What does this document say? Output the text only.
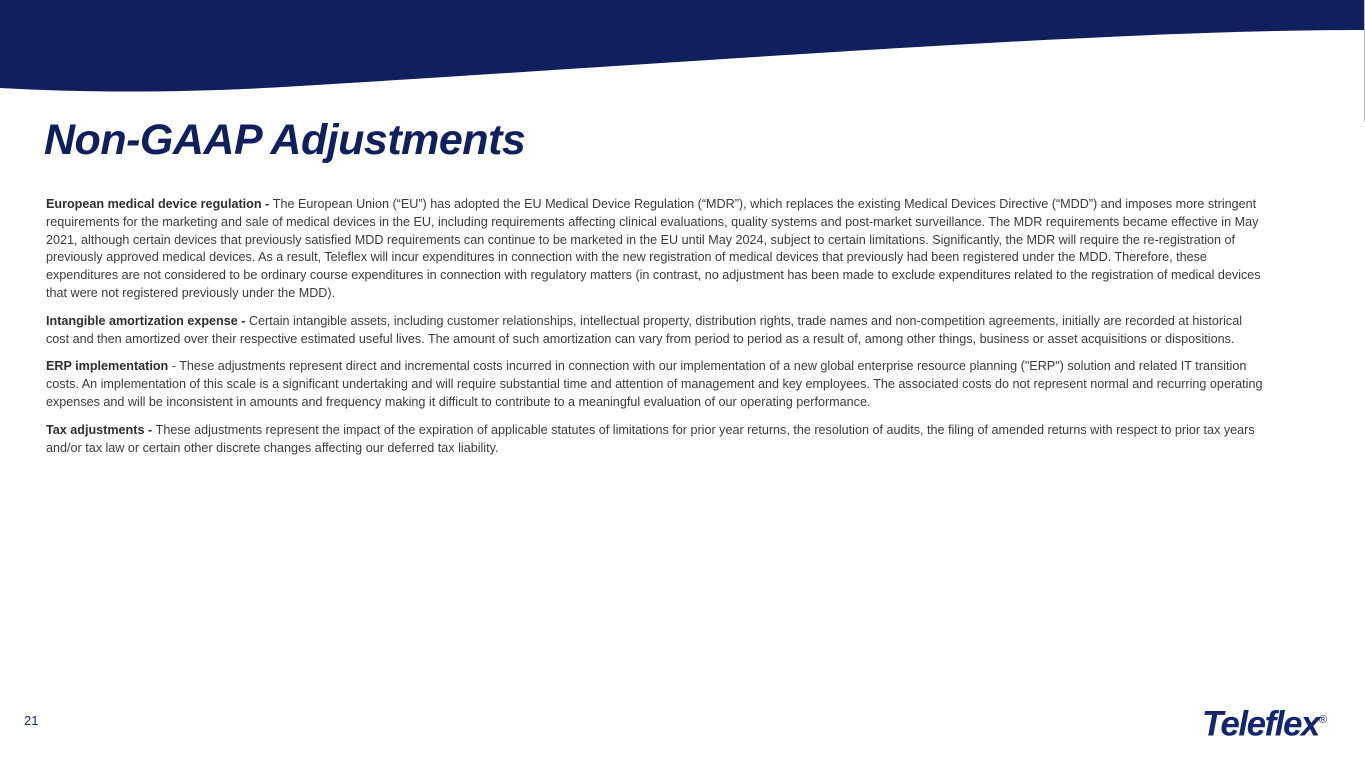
Non-GAAP Adjustments

European medical device regulation - The European Union (“EU”) has adopted the EU Medical Device Regulation (“MDR”), which replaces the existing Medical Devices Directive (“MDD”) and imposes more stringent requirements for the marketing and sale of medical devices in the EU, including requirements affecting clinical evaluations, quality systems and post-market surveillance. The MDR requirements became effective in May 2021, although certain devices that previously satisfied MDD requirements can continue to be marketed in the EU until May 2024, subject to certain limitations. Significantly, the MDR will require the re-registration of previously approved medical devices. As a result, Teleflex will incur expenditures in connection with the new registration of medical devices that previously had been registered under the MDD. Therefore, these expenditures are not considered to be ordinary course expenditures in connection with regulatory matters (in contrast, no adjustment has been made to exclude expenditures related to the registration of medical devices that were not registered previously under the MDD).

Intangible amortization expense - Certain intangible assets, including customer relationships, intellectual property, distribution rights, trade names and non-competition agreements, initially are recorded at historical cost and then amortized over their respective estimated useful lives. The amount of such amortization can vary from period to period as a result of, among other things, business or asset acquisitions or dispositions.

ERP implementation - These adjustments represent direct and incremental costs incurred in connection with our implementation of a new global enterprise resource planning ("ERP") solution and related IT transition costs. An implementation of this scale is a significant undertaking and will require substantial time and attention of management and key employees. The associated costs do not represent normal and recurring operating expenses and will be inconsistent in amounts and frequency making it difficult to contribute to a meaningful evaluation of our operating performance.

Tax adjustments - These adjustments represent the impact of the expiration of applicable statutes of limitations for prior year returns, the resolution of audits, the filing of amended returns with respect to prior tax years and/or tax law or certain other discrete changes affecting our deferred tax liability.

21	Teleflex®
